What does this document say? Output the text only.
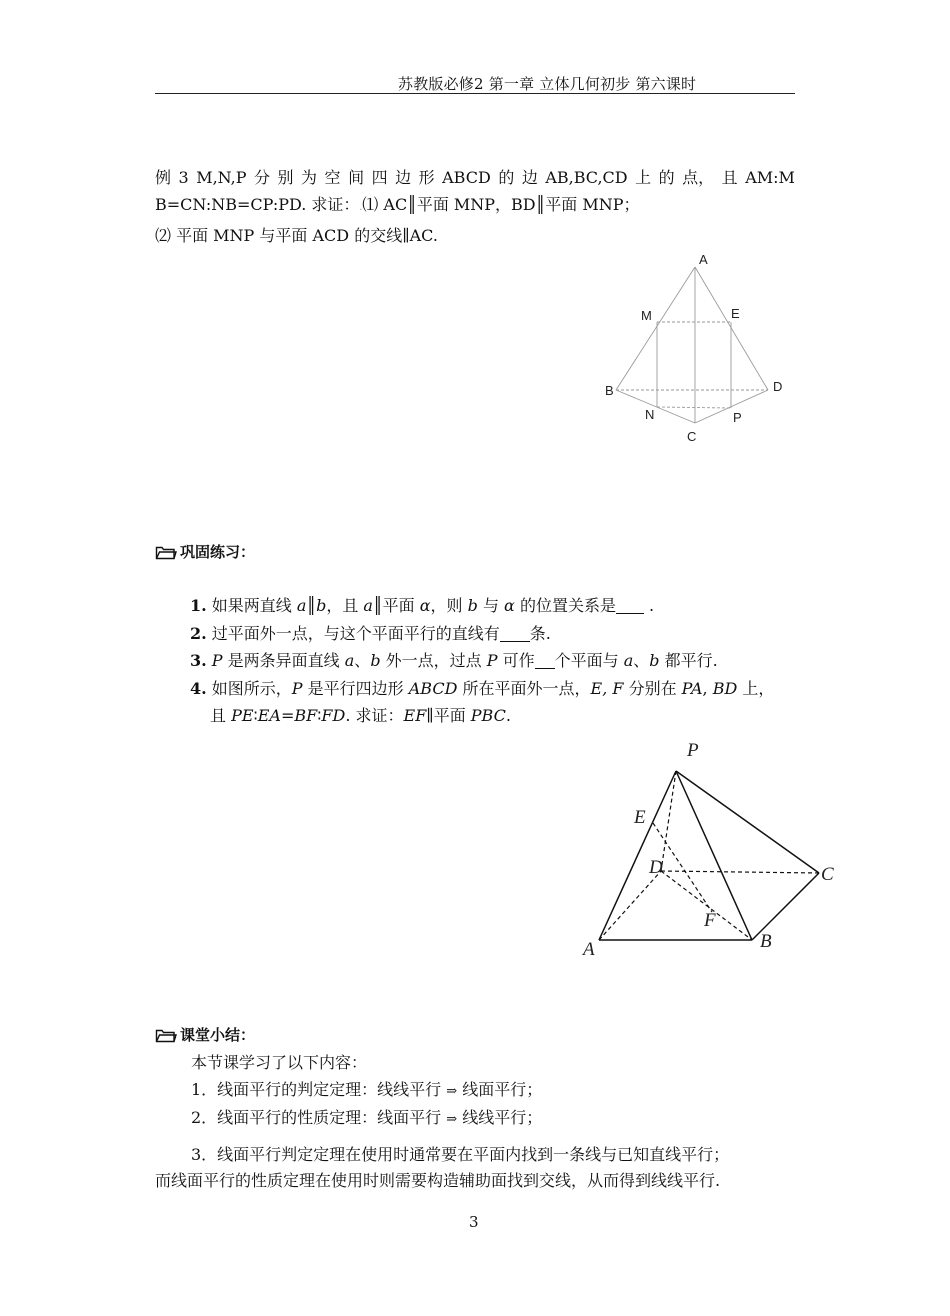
苏教版必修2 第一章 立体几何初步 第六课时
例 3 M,N,P 分 别 为 空 间 四 边 形 ABCD 的 边 AB,BC,CD 上 的 点， 且 AM:M
B=CN:NB=CP:PD. 求证：.⑴ AC║平面 MNP，BD║平面 MNP；
⑵ 平面 MNP 与平面 ACD 的交线∥AC.
A
M	E
B	D
N	P
C
巩固练习：
1. 如果两直线 a║b，且 a║平面 α，则 b 与 α 的位置关系是 .
2. 过平面外一点，与这个平面平行的直线有 条.
3. P 是两条异面直线 a、b 外一点，过点 P 可作 个平面与 a、b 都平行.
4. 如图所示，P 是平行四边形 ABCD 所在平面外一点，E, F 分别在 PA, BD 上，
且 PE∶EA=BF∶FD. 求证：EF∥平面 PBC.
P
E
D	C
F
A	B
课堂小结：
本节课学习了以下内容：
1．线面平行的判定定理：线线平行 ⇒ 线面平行；
2．线面平行的性质定理：线面平行 ⇒ 线线平行；
3．线面平行判定定理在使用时通常要在平面内找到一条线与已知直线平行；
而线面平行的性质定理在使用时则需要构造辅助面找到交线，从而得到线线平行.
3
